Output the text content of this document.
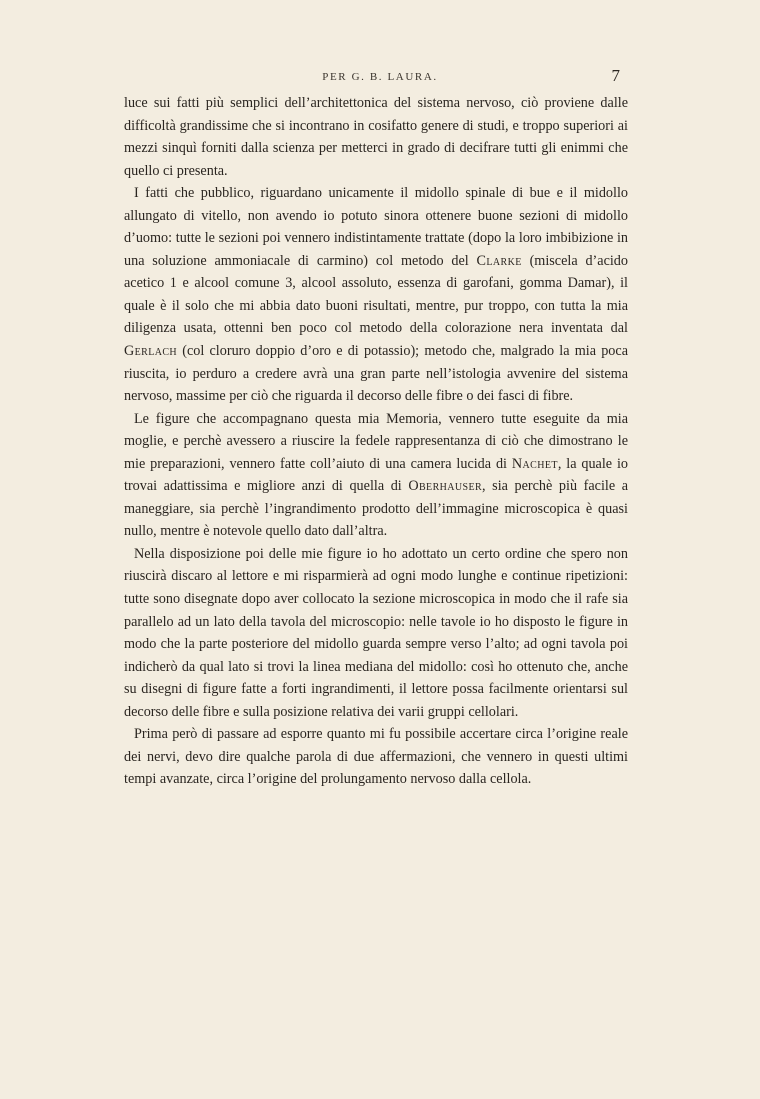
PER G. B. LAURA.	7

luce sui fatti più semplici dell’architettonica del sistema nervoso, ciò proviene dalle difficoltà grandissime che si incontrano in cosifatto genere di studi, e troppo superiori ai mezzi sinquì forniti dalla scienza per metterci in grado di decifrare tutti gli enimmi che quello ci presenta.

I fatti che pubblico, riguardano unicamente il midollo spinale di bue e il midollo allungato di vitello, non avendo io potuto sinora ottenere buone sezioni di midollo d’uomo: tutte le sezioni poi vennero indistintamente trattate (dopo la loro imbibizione in una soluzione ammoniacale di carmino) col metodo del Clarke (miscela d’acido acetico 1 e alcool comune 3, alcool assoluto, essenza di garofani, gomma Damar), il quale è il solo che mi abbia dato buoni risultati, mentre, pur troppo, con tutta la mia diligenza usata, ottenni ben poco col metodo della colorazione nera inventata dal Gerlach (col cloruro doppio d’oro e di potassio); metodo che, malgrado la mia poca riuscita, io perduro a credere avrà una gran parte nell’istologia avvenire del sistema nervoso, massime per ciò che riguarda il decorso delle fibre o dei fasci di fibre.

Le figure che accompagnano questa mia Memoria, vennero tutte eseguite da mia moglie, e perchè avessero a riuscire la fedele rappresentanza di ciò che dimostrano le mie preparazioni, vennero fatte coll’aiuto di una camera lucida di Nachet, la quale io trovai adattissima e migliore anzi di quella di Oberhauser, sia perchè più facile a maneggiare, sia perchè l’ingrandimento prodotto dell’immagine microscopica è quasi nullo, mentre è notevole quello dato dall’altra.

Nella disposizione poi delle mie figure io ho adottato un certo ordine che spero non riuscirà discaro al lettore e mi risparmierà ad ogni modo lunghe e continue ripetizioni: tutte sono disegnate dopo aver collocato la sezione microscopica in modo che il rafe sia parallelo ad un lato della tavola del microscopio: nelle tavole io ho disposto le figure in modo che la parte posteriore del midollo guarda sempre verso l’alto; ad ogni tavola poi indicherò da qual lato si trovi la linea mediana del midollo: così ho ottenuto che, anche su disegni di figure fatte a forti ingrandimenti, il lettore possa facilmente orientarsi sul decorso delle fibre e sulla posizione relativa dei varii gruppi cellolari.

Prima però di passare ad esporre quanto mi fu possibile accertare circa l’origine reale dei nervi, devo dire qualche parola di due affermazioni, che vennero in questi ultimi tempi avanzate, circa l’origine del prolungamento nervoso dalla cellola.
